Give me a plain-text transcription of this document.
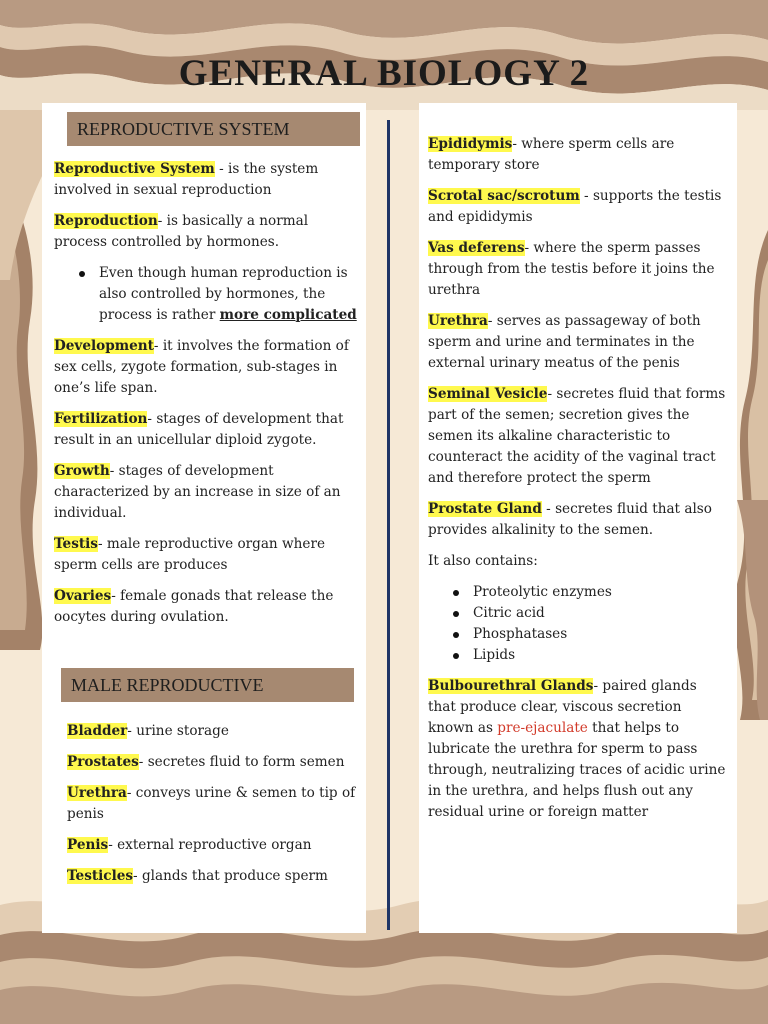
GENERAL BIOLOGY 2
REPRODUCTIVE SYSTEM

Reproductive System - is the system involved in sexual reproduction

Reproduction- is basically a normal process controlled by hormones.

Even though human reproduction is also controlled by hormones, the process is rather more complicated

Development- it involves the formation of sex cells, zygote formation, sub-stages in one’s life span.

Fertilization- stages of development that result in an unicellular diploid zygote.

Growth- stages of development characterized by an increase in size of an individual.

Testis- male reproductive organ where sperm cells are produces

Ovaries- female gonads that release the oocytes during ovulation.

MALE REPRODUCTIVE

Bladder- urine storage

Prostates- secretes fluid to form semen

Urethra- conveys urine & semen to tip of penis

Penis- external reproductive organ

Testicles- glands that produce sperm

Epididymis- where sperm cells are temporary store

Scrotal sac/scrotum - supports the testis and epididymis

Vas deferens- where the sperm passes through from the testis before it joins the urethra

Urethra- serves as passageway of both sperm and urine and terminates in the external urinary meatus of the penis

Seminal Vesicle- secretes fluid that forms part of the semen; secretion gives the semen its alkaline characteristic to counteract the acidity of the vaginal tract and therefore protect the sperm

Prostate Gland - secretes fluid that also provides alkalinity to the semen.

It also contains:

Proteolytic enzymes
Citric acid
Phosphatases
Lipids

Bulbourethral Glands- paired glands that produce clear, viscous secretion known as pre-ejaculate that helps to lubricate the urethra for sperm to pass through, neutralizing traces of acidic urine in the urethra, and helps flush out any residual urine or foreign matter
